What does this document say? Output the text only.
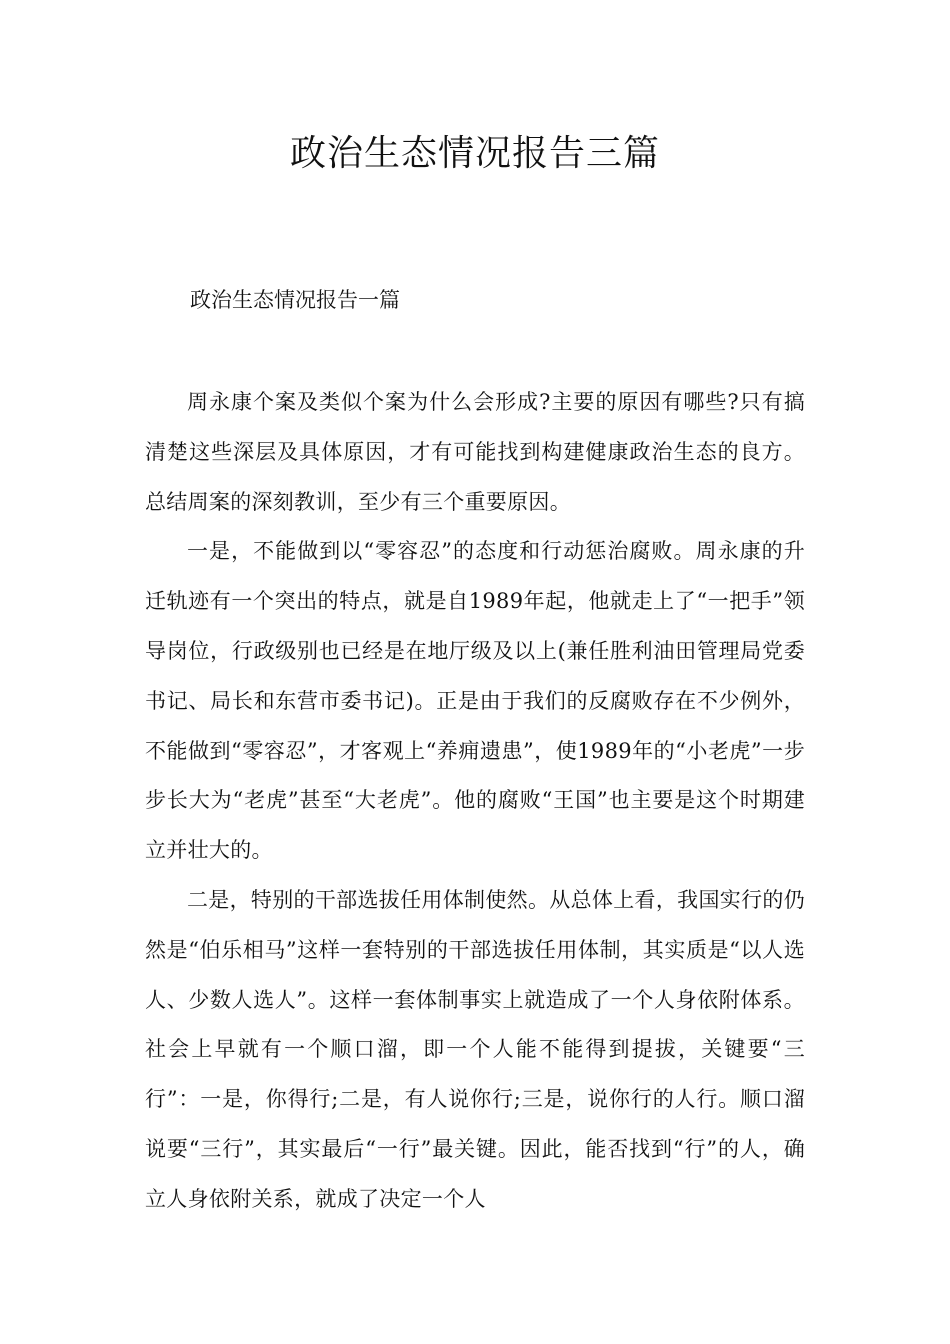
政治生态情况报告三篇
政治生态情况报告一篇

周永康个案及类似个案为什么会形成?主要的原因有哪些?只有搞清楚这些深层及具体原因，才有可能找到构建健康政治生态的良方。总结周案的深刻教训，至少有三个重要原因。

一是，不能做到以“零容忍”的态度和行动惩治腐败。周永康的升迁轨迹有一个突出的特点，就是自1989年起，他就走上了“一把手”领导岗位，行政级别也已经是在地厅级及以上(兼任胜利油田管理局党委书记、局长和东营市委书记)。正是由于我们的反腐败存在不少例外，不能做到“零容忍”，才客观上“养痈遗患”，使1989年的“小老虎”一步步长大为“老虎”甚至“大老虎”。他的腐败“王国”也主要是这个时期建立并壮大的。

二是，特别的干部选拔任用体制使然。从总体上看，我国实行的仍然是“伯乐相马”这样一套特别的干部选拔任用体制，其实质是“以人选人、少数人选人”。这样一套体制事实上就造成了一个人身依附体系。社会上早就有一个顺口溜，即一个人能不能得到提拔，关键要“三行”：一是，你得行;二是，有人说你行;三是，说你行的人行。顺口溜说要“三行”，其实最后“一行”最关键。因此，能否找到“行”的人，确立人身依附关系，就成了决定一个人
